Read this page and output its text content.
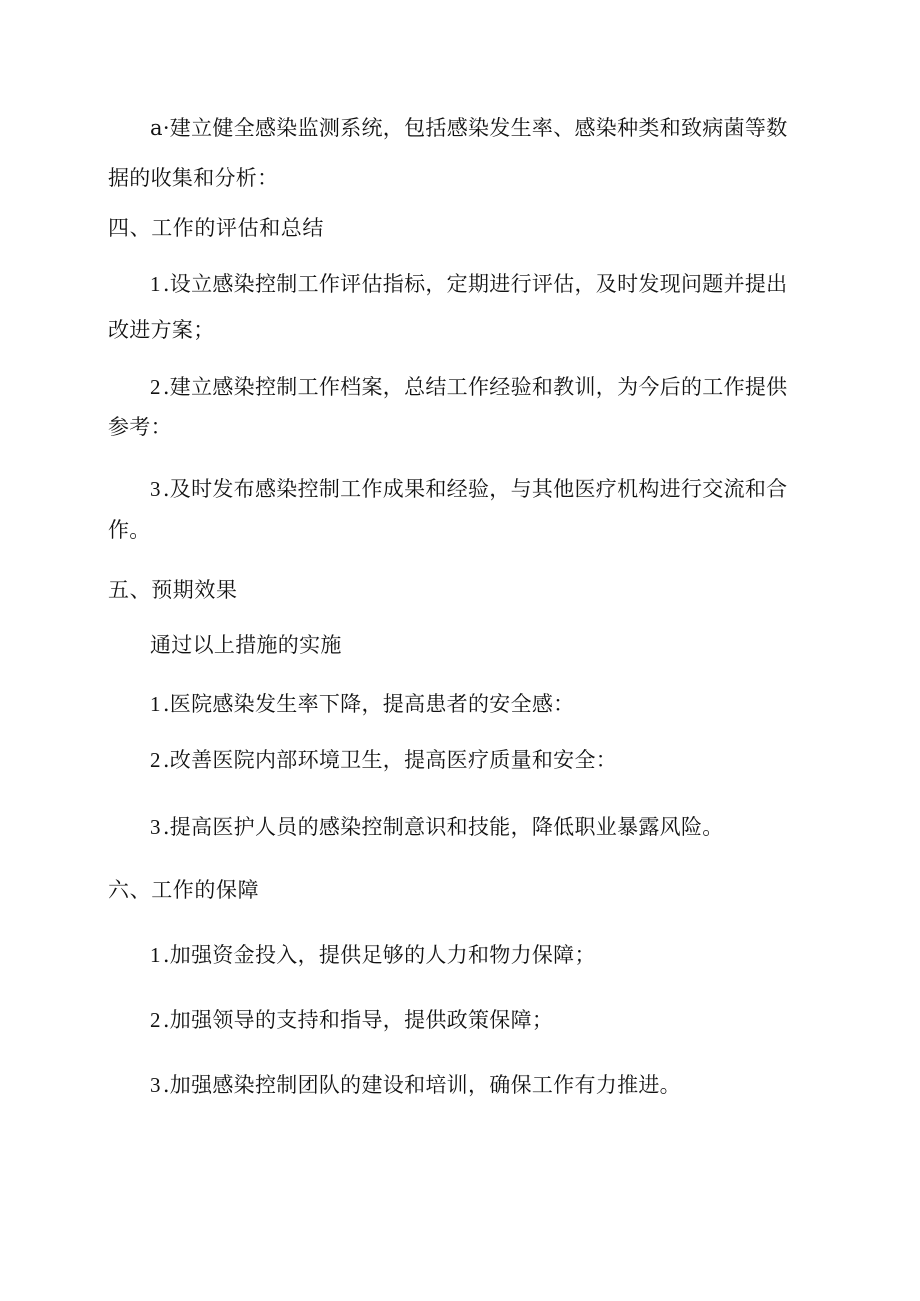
a·建立健全感染监测系统，包括感染发生率、感染种类和致病菌等数
据的收集和分析：
四、工作的评估和总结
1.设立感染控制工作评估指标，定期进行评估，及时发现问题并提出
改进方案；
2.建立感染控制工作档案，总结工作经验和教训，为今后的工作提供
参考：
3.及时发布感染控制工作成果和经验，与其他医疗机构进行交流和合
作。
五、预期效果
通过以上措施的实施
1.医院感染发生率下降，提高患者的安全感：
2.改善医院内部环境卫生，提高医疗质量和安全：
3.提高医护人员的感染控制意识和技能，降低职业暴露风险。
六、工作的保障
1.加强资金投入，提供足够的人力和物力保障；
2.加强领导的支持和指导，提供政策保障；
3.加强感染控制团队的建设和培训，确保工作有力推进。
